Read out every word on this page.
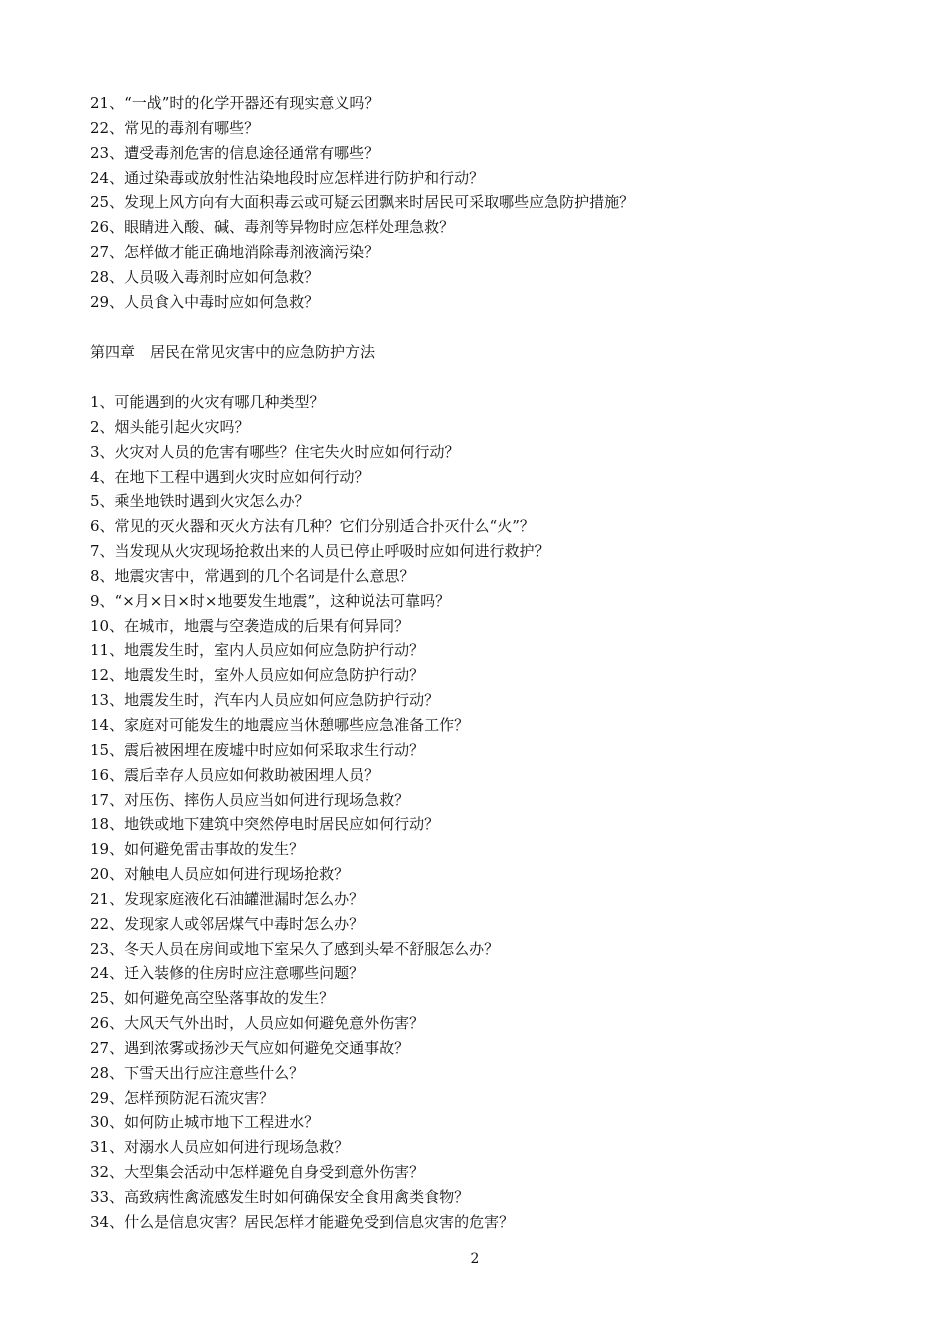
21、“一战”时的化学开器还有现实意义吗？
22、常见的毒剂有哪些？
23、遭受毒剂危害的信息途径通常有哪些？
24、通过染毒或放射性沾染地段时应怎样进行防护和行动？
25、发现上风方向有大面积毒云或可疑云团飘来时居民可采取哪些应急防护措施？
26、眼睛进入酸、碱、毒剂等异物时应怎样处理急救？
27、怎样做才能正确地消除毒剂液滴污染？
28、人员吸入毒剂时应如何急救？
29、人员食入中毒时应如何急救？
第四章　居民在常见灾害中的应急防护方法
1、可能遇到的火灾有哪几种类型？
2、烟头能引起火灾吗？
3、火灾对人员的危害有哪些？住宅失火时应如何行动？
4、在地下工程中遇到火灾时应如何行动？
5、乘坐地铁时遇到火灾怎么办？
6、常见的灭火器和灭火方法有几种？它们分别适合扑灭什么“火”？
7、当发现从火灾现场抢救出来的人员已停止呼吸时应如何进行救护？
8、地震灾害中，常遇到的几个名词是什么意思？
9、“×月×日×时×地要发生地震”，这种说法可靠吗？
10、在城市，地震与空袭造成的后果有何异同？
11、地震发生时，室内人员应如何应急防护行动？
12、地震发生时，室外人员应如何应急防护行动？
13、地震发生时，汽车内人员应如何应急防护行动？
14、家庭对可能发生的地震应当休憩哪些应急准备工作？
15、震后被困埋在废墟中时应如何采取求生行动？
16、震后幸存人员应如何救助被困埋人员？
17、对压伤、摔伤人员应当如何进行现场急救？
18、地铁或地下建筑中突然停电时居民应如何行动？
19、如何避免雷击事故的发生？
20、对触电人员应如何进行现场抢救？
21、发现家庭液化石油罐泄漏时怎么办？
22、发现家人或邻居煤气中毒时怎么办？
23、冬天人员在房间或地下室呆久了感到头晕不舒服怎么办？
24、迁入装修的住房时应注意哪些问题？
25、如何避免高空坠落事故的发生？
26、大风天气外出时，人员应如何避免意外伤害？
27、遇到浓雾或扬沙天气应如何避免交通事故？
28、下雪天出行应注意些什么？
29、怎样预防泥石流灾害？
30、如何防止城市地下工程进水？
31、对溺水人员应如何进行现场急救？
32、大型集会活动中怎样避免自身受到意外伤害？
33、高致病性禽流感发生时如何确保安全食用禽类食物？
34、什么是信息灾害？居民怎样才能避免受到信息灾害的危害？
2
